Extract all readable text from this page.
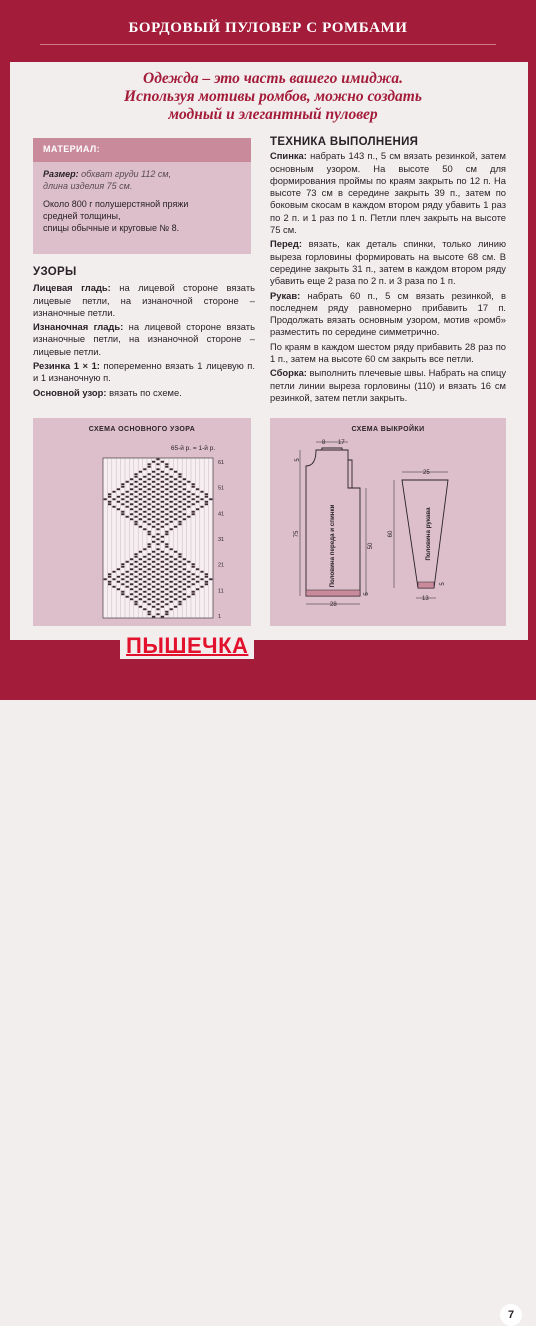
БОРДОВЫЙ ПУЛОВЕР С РОМБАМИ
Одежда – это часть вашего имиджа.
Используя мотивы ромбов, можно создать
модный и элегантный пуловер
МАТЕРИАЛ:
Размер: обхват груди 112 см,
длина изделия 75 см.
Около 800 г полушерстяной пряжи
средней толщины,
спицы обычные и круговые № 8.
УЗОРЫ

Лицевая гладь: на лицевой стороне вязать лицевые петли, на изнаночной стороне – изнаночные петли.

Изнаночная гладь: на лицевой стороне вязать изнаночные петли, на изнаночной стороне – лицевые петли.

Резинка 1 × 1: попеременно вязать 1 лицевую п. и 1 изнаночную п.

Основной узор: вязать по схеме.

ТЕХНИКА ВЫПОЛНЕНИЯ

Спинка: набрать 143 п., 5 см вязать резинкой, затем основным узором. На высоте 50 см для формирования проймы по краям закрыть по 12 п. На высоте 73 см в середине закрыть 39 п., затем по боковым скосам в каждом втором ряду убавить 1 раз по 2 п. и 1 раз по 1 п. Петли плеч закрыть на высоте 75 см.

Перед: вязать, как деталь спинки, только линию выреза горловины формировать на высоте 68 см. В середине закрыть 31 п., затем в каждом втором ряду убавить еще 2 раза по 2 п. и 3 раза по 1 п.

Рукав: набрать 60 п., 5 см вязать резинкой, в последнем ряду равномерно прибавить 17 п. Продолжать вязать основным узором, мотив «ромб» разместить по середине симметрично.

По краям в каждом шестом ряду прибавить 28 раз по 1 п., затем на высоте 60 см закрыть все петли.

Сборка: выполнить плечевые швы. Набрать на спицу петли линии выреза горловины (110) и вязать 16 см резинкой, затем петли закрыть.

СХЕМА ОСНОВНОГО УЗОРА
65-й р. = 1-й р.
61
51
41
31
21
11
1
СХЕМА ВЫКРОЙКИ
Половина переда и спинки
8 17
5
75
50
28
5
Половина рукава
25
60
13
5
7
ПЫШЕЧКА
